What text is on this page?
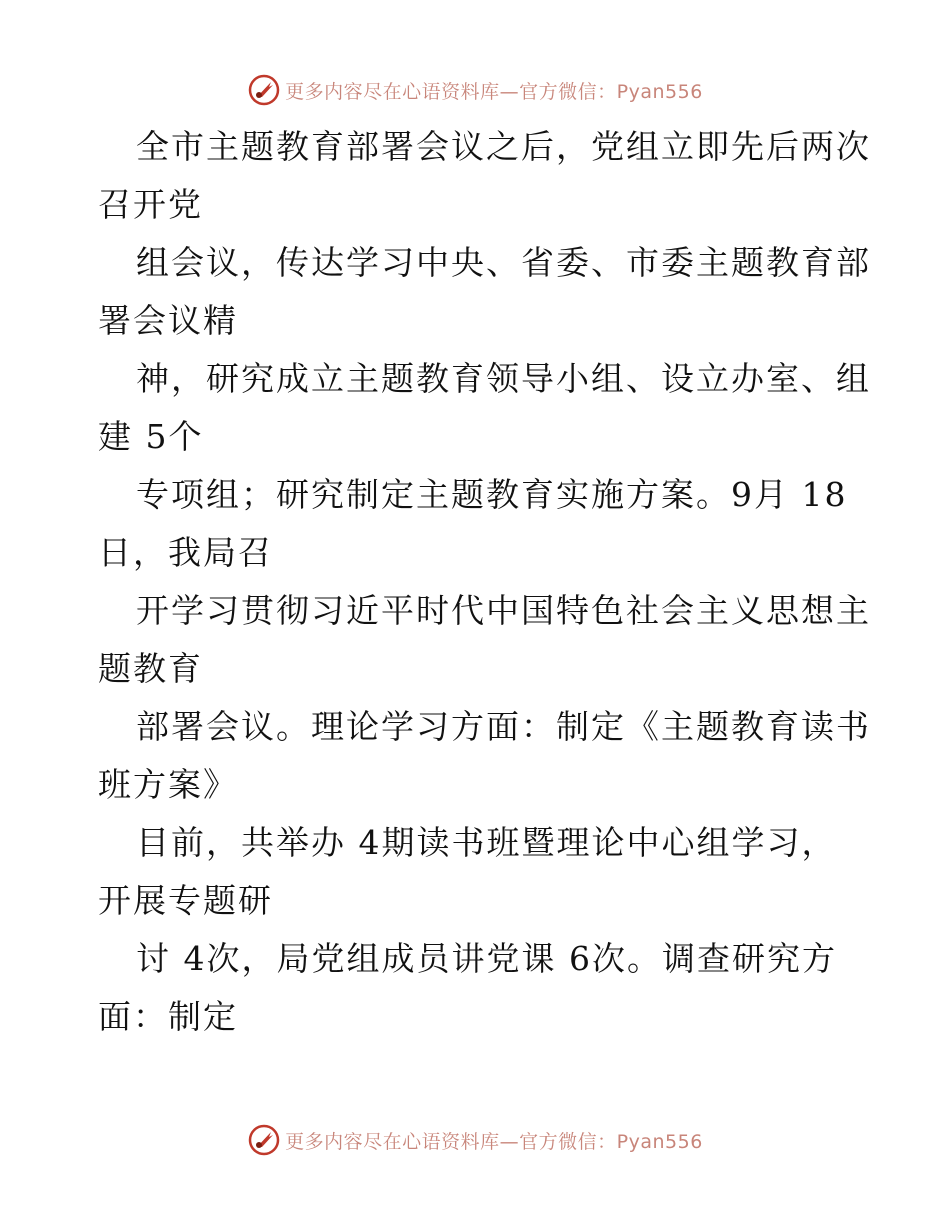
更多内容尽在心语资料库—官方微信：Pyan556
全市主题教育部署会议之后，党组立即先后两次
召开党
组会议，传达学习中央、省委、市委主题教育部
署会议精
神，研究成立主题教育领导小组、设立办室、组
建 5个
专项组；研究制定主题教育实施方案。9月 18
日，我局召
开学习贯彻习近平时代中国特色社会主义思想主
题教育
部署会议。理论学习方面：制定《主题教育读书
班方案》
目前，共举办 4期读书班暨理论中心组学习，
开展专题研
讨 4次，局党组成员讲党课 6次。调查研究方
面：制定
更多内容尽在心语资料库—官方微信：Pyan556
